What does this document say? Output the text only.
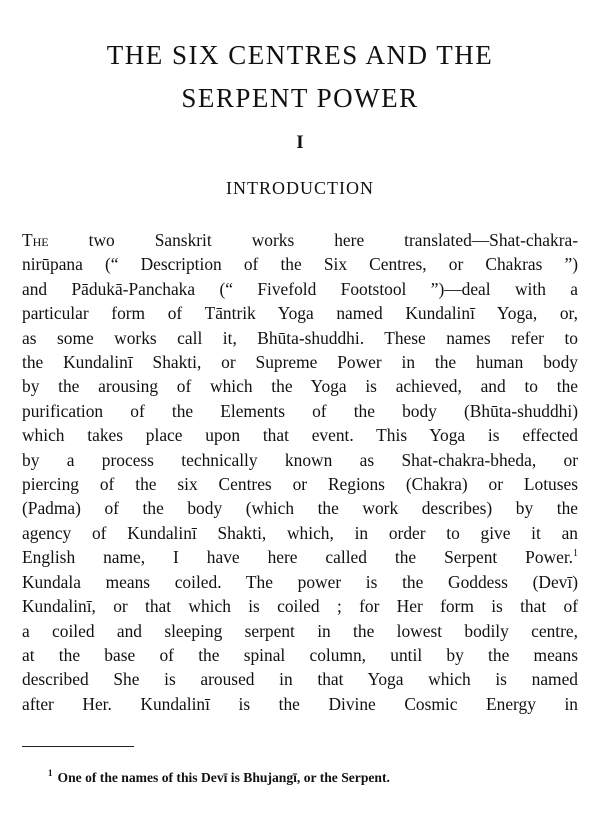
THE SIX CENTRES AND THE
SERPENT POWER
I
INTRODUCTION
The two Sanskrit works here translated—Shat-chakra-
nirūpana (“ Description of the Six Centres, or Chakras ”)
and Pādukā-Panchaka (“ Fivefold Footstool ”)—deal with a
particular form of Tāntrik Yoga named Kundalinī Yoga, or,
as some works call it, Bhūta-shuddhi. These names refer to
the Kundalinī Shakti, or Supreme Power in the human body
by the arousing of which the Yoga is achieved, and to the
purification of the Elements of the body (Bhūta-shuddhi)
which takes place upon that event. This Yoga is effected
by a process technically known as Shat-chakra-bheda, or
piercing of the six Centres or Regions (Chakra) or Lotuses
(Padma) of the body (which the work describes) by the
agency of Kundalinī Shakti, which, in order to give it an
English name, I have here called the Serpent Power.$^1$
Kundala means coiled. The power is the Goddess (Devī)
Kundalinī, or that which is coiled ; for Her form is that of
a coiled and sleeping serpent in the lowest bodily centre,
at the base of the spinal column, until by the means
described She is aroused in that Yoga which is named
after Her. Kundalinī is the Divine Cosmic Energy in

$^1$ One of the names of this Devī is Bhujangī, or the Serpent.
